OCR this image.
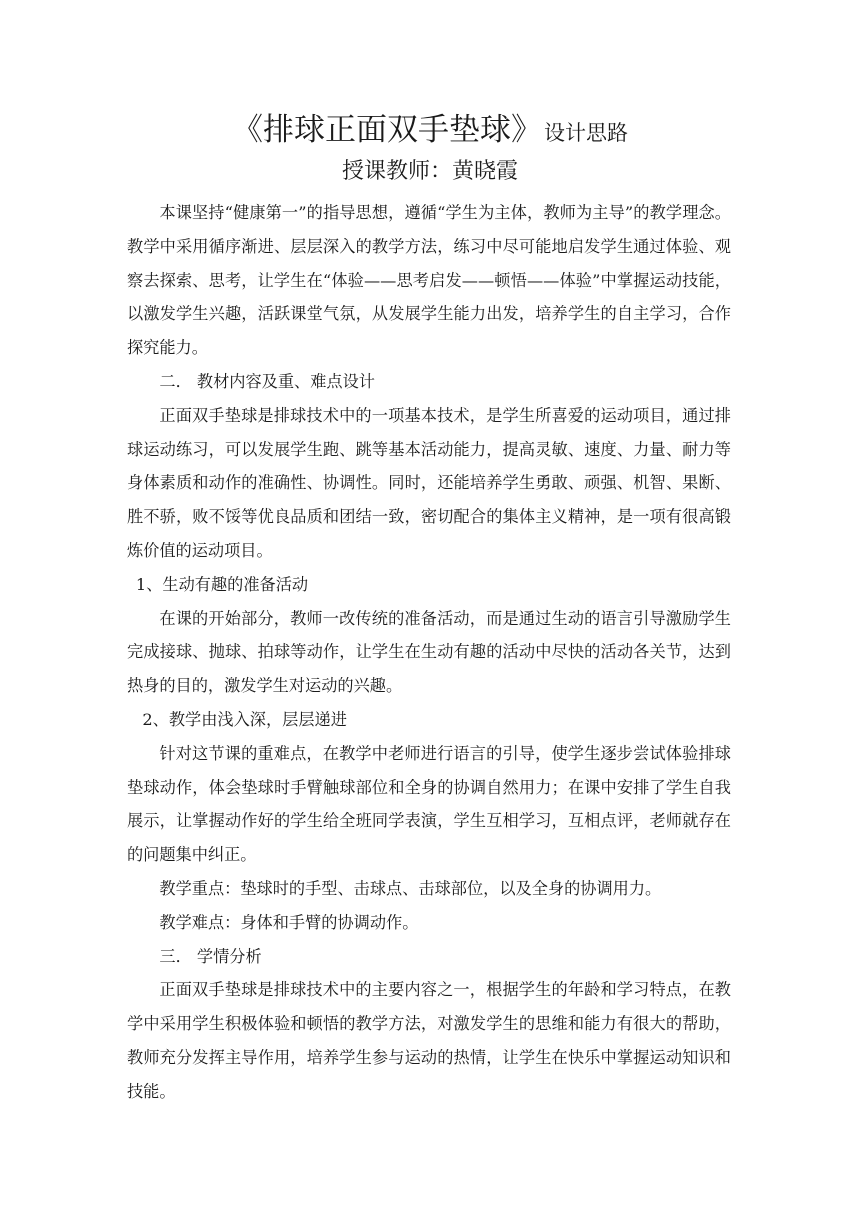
《排球正面双手垫球》设计思路
授课教师：黄晓霞

本课坚持“健康第一”的指导思想，遵循“学生为主体，教师为主导”的教学理念。教学中采用循序渐进、层层深入的教学方法，练习中尽可能地启发学生通过体验、观察去探索、思考，让学生在“体验——思考启发——顿悟——体验”中掌握运动技能，以激发学生兴趣，活跃课堂气氛，从发展学生能力出发，培养学生的自主学习，合作探究能力。

二． 教材内容及重、难点设计

正面双手垫球是排球技术中的一项基本技术，是学生所喜爱的运动项目，通过排球运动练习，可以发展学生跑、跳等基本活动能力，提高灵敏、速度、力量、耐力等身体素质和动作的准确性、协调性。同时，还能培养学生勇敢、顽强、机智、果断、胜不骄，败不馁等优良品质和团结一致，密切配合的集体主义精神，是一项有很高锻炼价值的运动项目。

1、生动有趣的准备活动

在课的开始部分，教师一改传统的准备活动，而是通过生动的语言引导激励学生完成接球、抛球、拍球等动作，让学生在生动有趣的活动中尽快的活动各关节，达到热身的目的，激发学生对运动的兴趣。

2、教学由浅入深，层层递进

针对这节课的重难点，在教学中老师进行语言的引导，使学生逐步尝试体验排球垫球动作，体会垫球时手臂触球部位和全身的协调自然用力；在课中安排了学生自我展示，让掌握动作好的学生给全班同学表演，学生互相学习，互相点评，老师就存在的问题集中纠正。

教学重点：垫球时的手型、击球点、击球部位，以及全身的协调用力。

教学难点：身体和手臂的协调动作。

三． 学情分析

正面双手垫球是排球技术中的主要内容之一，根据学生的年龄和学习特点，在教学中采用学生积极体验和顿悟的教学方法，对激发学生的思维和能力有很大的帮助，教师充分发挥主导作用，培养学生参与运动的热情，让学生在快乐中掌握运动知识和技能。
